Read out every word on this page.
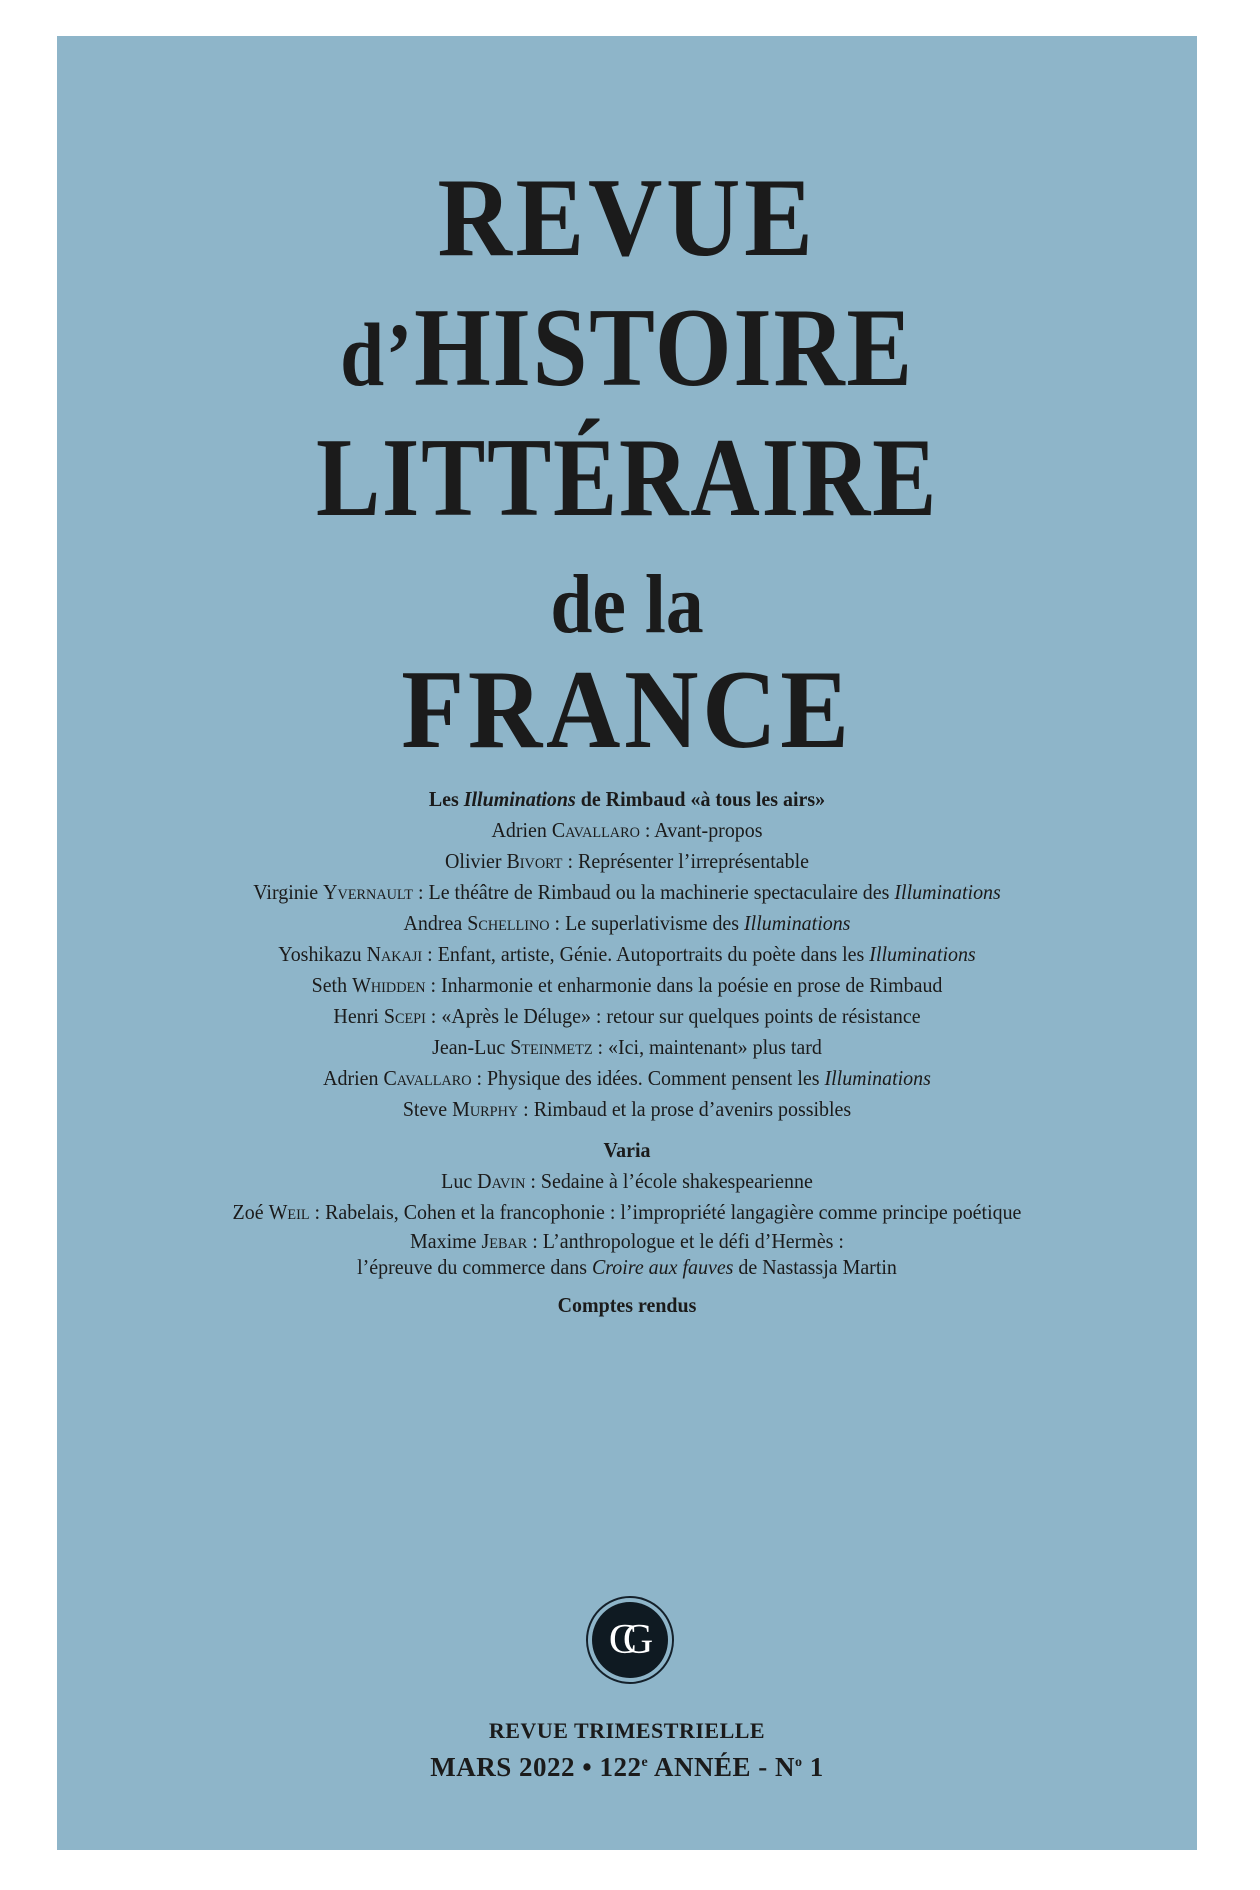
REVUE
d’HISTOIRE
LITTÉRAIRE
de la
FRANCE
Les Illuminations de Rimbaud «à tous les airs»
Adrien Cavallaro : Avant-propos
Olivier Bivort : Représenter l’irreprésentable
Virginie Yvernault : Le théâtre de Rimbaud ou la machinerie spectaculaire des Illuminations
Andrea Schellino : Le superlativisme des Illuminations
Yoshikazu Nakaji : Enfant, artiste, Génie. Autoportraits du poète dans les Illuminations
Seth Whidden : Inharmonie et enharmonie dans la poésie en prose de Rimbaud
Henri Scepi : «Après le Déluge» : retour sur quelques points de résistance
Jean-Luc Steinmetz : «Ici, maintenant» plus tard
Adrien Cavallaro : Physique des idées. Comment pensent les Illuminations
Steve Murphy : Rimbaud et la prose d’avenirs possibles
Varia
Luc Davin : Sedaine à l’école shakespearienne
Zoé Weil : Rabelais, Cohen et la francophonie : l’impropriété langagière comme principe poétique
Maxime Jebar : L’anthropologue et le défi d’Hermès :
l’épreuve du commerce dans Croire aux fauves de Nastassja Martin
Comptes rendus
CG
REVUE TRIMESTRIELLE
MARS 2022 • 122e ANNÉE - $N^o$ 1
